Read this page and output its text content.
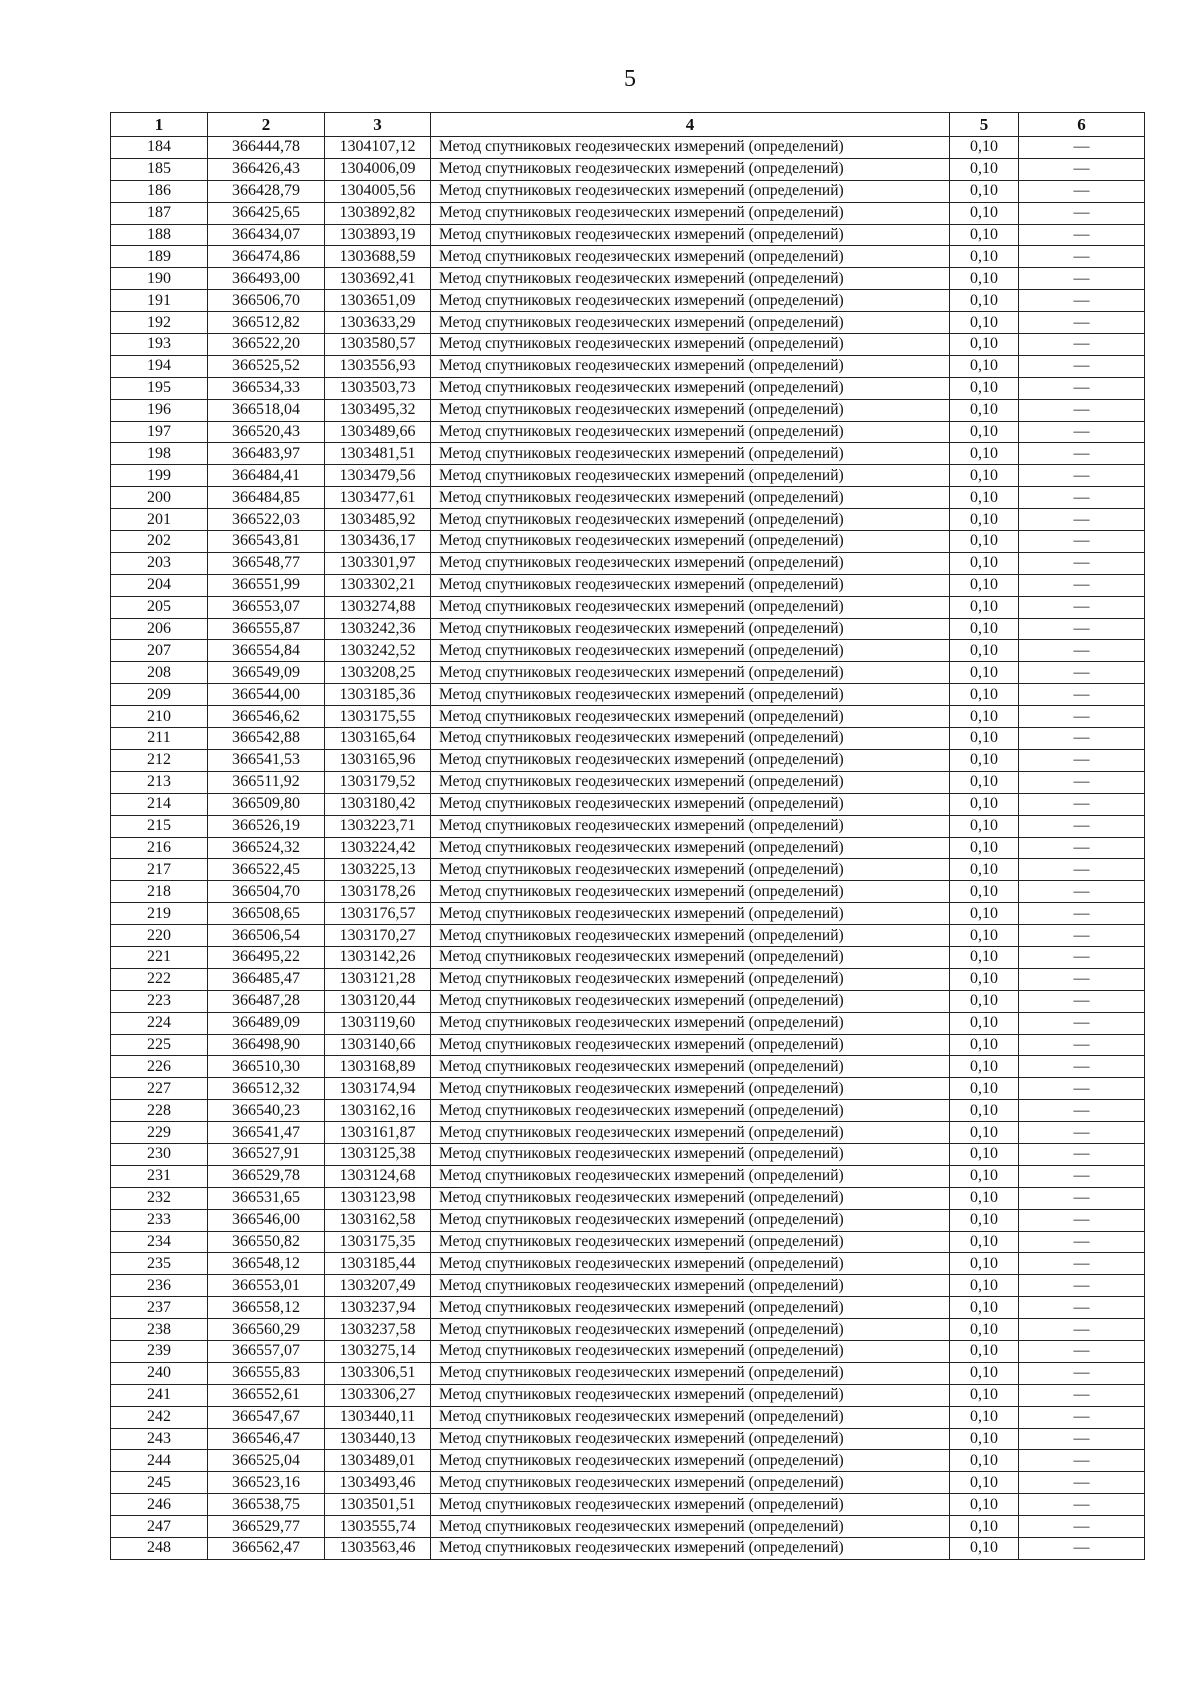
5
1	2	3	4	5	6
184	366444,78	1304107,12	Метод спутниковых геодезических измерений (определений)	0,10	—
185	366426,43	1304006,09	Метод спутниковых геодезических измерений (определений)	0,10	—
186	366428,79	1304005,56	Метод спутниковых геодезических измерений (определений)	0,10	—
187	366425,65	1303892,82	Метод спутниковых геодезических измерений (определений)	0,10	—
188	366434,07	1303893,19	Метод спутниковых геодезических измерений (определений)	0,10	—
189	366474,86	1303688,59	Метод спутниковых геодезических измерений (определений)	0,10	—
190	366493,00	1303692,41	Метод спутниковых геодезических измерений (определений)	0,10	—
191	366506,70	1303651,09	Метод спутниковых геодезических измерений (определений)	0,10	—
192	366512,82	1303633,29	Метод спутниковых геодезических измерений (определений)	0,10	—
193	366522,20	1303580,57	Метод спутниковых геодезических измерений (определений)	0,10	—
194	366525,52	1303556,93	Метод спутниковых геодезических измерений (определений)	0,10	—
195	366534,33	1303503,73	Метод спутниковых геодезических измерений (определений)	0,10	—
196	366518,04	1303495,32	Метод спутниковых геодезических измерений (определений)	0,10	—
197	366520,43	1303489,66	Метод спутниковых геодезических измерений (определений)	0,10	—
198	366483,97	1303481,51	Метод спутниковых геодезических измерений (определений)	0,10	—
199	366484,41	1303479,56	Метод спутниковых геодезических измерений (определений)	0,10	—
200	366484,85	1303477,61	Метод спутниковых геодезических измерений (определений)	0,10	—
201	366522,03	1303485,92	Метод спутниковых геодезических измерений (определений)	0,10	—
202	366543,81	1303436,17	Метод спутниковых геодезических измерений (определений)	0,10	—
203	366548,77	1303301,97	Метод спутниковых геодезических измерений (определений)	0,10	—
204	366551,99	1303302,21	Метод спутниковых геодезических измерений (определений)	0,10	—
205	366553,07	1303274,88	Метод спутниковых геодезических измерений (определений)	0,10	—
206	366555,87	1303242,36	Метод спутниковых геодезических измерений (определений)	0,10	—
207	366554,84	1303242,52	Метод спутниковых геодезических измерений (определений)	0,10	—
208	366549,09	1303208,25	Метод спутниковых геодезических измерений (определений)	0,10	—
209	366544,00	1303185,36	Метод спутниковых геодезических измерений (определений)	0,10	—
210	366546,62	1303175,55	Метод спутниковых геодезических измерений (определений)	0,10	—
211	366542,88	1303165,64	Метод спутниковых геодезических измерений (определений)	0,10	—
212	366541,53	1303165,96	Метод спутниковых геодезических измерений (определений)	0,10	—
213	366511,92	1303179,52	Метод спутниковых геодезических измерений (определений)	0,10	—
214	366509,80	1303180,42	Метод спутниковых геодезических измерений (определений)	0,10	—
215	366526,19	1303223,71	Метод спутниковых геодезических измерений (определений)	0,10	—
216	366524,32	1303224,42	Метод спутниковых геодезических измерений (определений)	0,10	—
217	366522,45	1303225,13	Метод спутниковых геодезических измерений (определений)	0,10	—
218	366504,70	1303178,26	Метод спутниковых геодезических измерений (определений)	0,10	—
219	366508,65	1303176,57	Метод спутниковых геодезических измерений (определений)	0,10	—
220	366506,54	1303170,27	Метод спутниковых геодезических измерений (определений)	0,10	—
221	366495,22	1303142,26	Метод спутниковых геодезических измерений (определений)	0,10	—
222	366485,47	1303121,28	Метод спутниковых геодезических измерений (определений)	0,10	—
223	366487,28	1303120,44	Метод спутниковых геодезических измерений (определений)	0,10	—
224	366489,09	1303119,60	Метод спутниковых геодезических измерений (определений)	0,10	—
225	366498,90	1303140,66	Метод спутниковых геодезических измерений (определений)	0,10	—
226	366510,30	1303168,89	Метод спутниковых геодезических измерений (определений)	0,10	—
227	366512,32	1303174,94	Метод спутниковых геодезических измерений (определений)	0,10	—
228	366540,23	1303162,16	Метод спутниковых геодезических измерений (определений)	0,10	—
229	366541,47	1303161,87	Метод спутниковых геодезических измерений (определений)	0,10	—
230	366527,91	1303125,38	Метод спутниковых геодезических измерений (определений)	0,10	—
231	366529,78	1303124,68	Метод спутниковых геодезических измерений (определений)	0,10	—
232	366531,65	1303123,98	Метод спутниковых геодезических измерений (определений)	0,10	—
233	366546,00	1303162,58	Метод спутниковых геодезических измерений (определений)	0,10	—
234	366550,82	1303175,35	Метод спутниковых геодезических измерений (определений)	0,10	—
235	366548,12	1303185,44	Метод спутниковых геодезических измерений (определений)	0,10	—
236	366553,01	1303207,49	Метод спутниковых геодезических измерений (определений)	0,10	—
237	366558,12	1303237,94	Метод спутниковых геодезических измерений (определений)	0,10	—
238	366560,29	1303237,58	Метод спутниковых геодезических измерений (определений)	0,10	—
239	366557,07	1303275,14	Метод спутниковых геодезических измерений (определений)	0,10	—
240	366555,83	1303306,51	Метод спутниковых геодезических измерений (определений)	0,10	—
241	366552,61	1303306,27	Метод спутниковых геодезических измерений (определений)	0,10	—
242	366547,67	1303440,11	Метод спутниковых геодезических измерений (определений)	0,10	—
243	366546,47	1303440,13	Метод спутниковых геодезических измерений (определений)	0,10	—
244	366525,04	1303489,01	Метод спутниковых геодезических измерений (определений)	0,10	—
245	366523,16	1303493,46	Метод спутниковых геодезических измерений (определений)	0,10	—
246	366538,75	1303501,51	Метод спутниковых геодезических измерений (определений)	0,10	—
247	366529,77	1303555,74	Метод спутниковых геодезических измерений (определений)	0,10	—
248	366562,47	1303563,46	Метод спутниковых геодезических измерений (определений)	0,10	—
